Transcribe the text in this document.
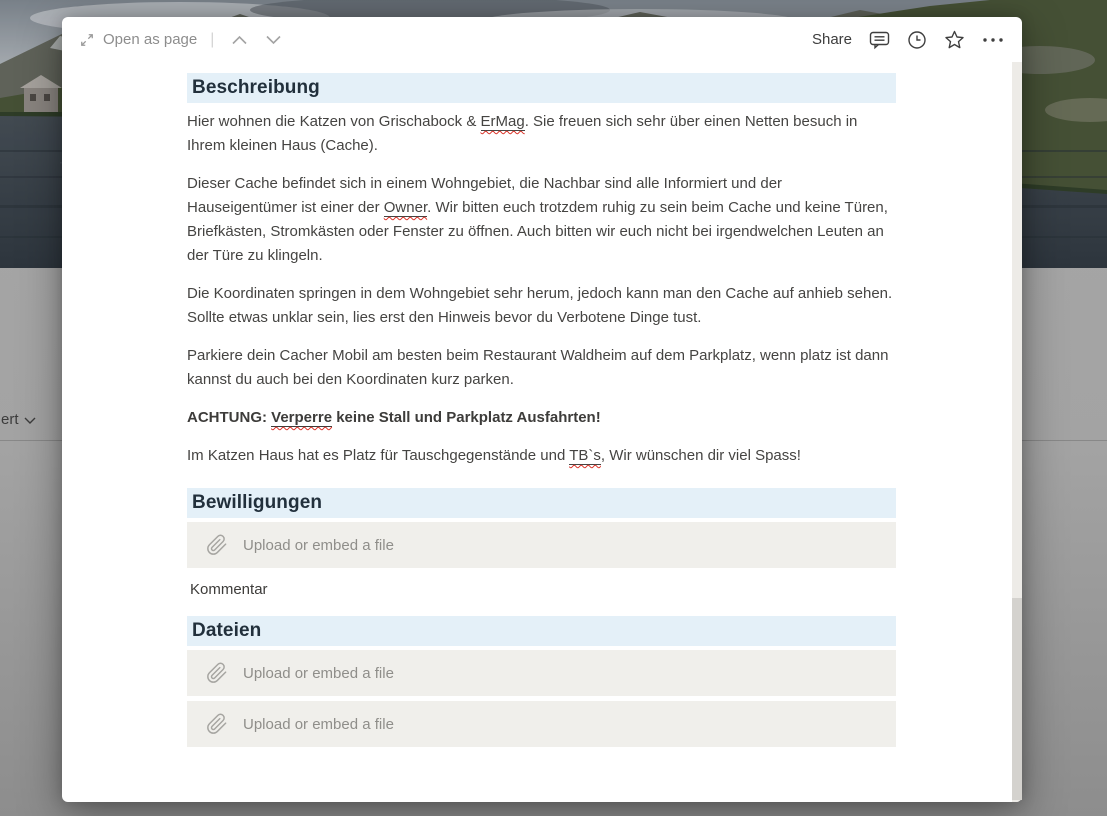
ert
Open as page |	Share
Beschreibung

Hier wohnen die Katzen von Grischabock & ErMag. Sie freuen sich sehr über einen Netten besuch in Ihrem kleinen Haus (Cache).

Dieser Cache befindet sich in einem Wohngebiet, die Nachbar sind alle Informiert und der Hauseigentümer ist einer der Owner. Wir bitten euch trotzdem ruhig zu sein beim Cache und keine Türen, Briefkästen, Stromkästen oder Fenster zu öffnen. Auch bitten wir euch nicht bei irgendwelchen Leuten an der Türe zu klingeln.

Die Koordinaten springen in dem Wohngebiet sehr herum, jedoch kann man den Cache auf anhieb sehen. Sollte etwas unklar sein, lies erst den Hinweis bevor du Verbotene Dinge tust.

Parkiere dein Cacher Mobil am besten beim Restaurant Waldheim auf dem Parkplatz, wenn platz ist dann kannst du auch bei den Koordinaten kurz parken.

ACHTUNG: Verperre keine Stall und Parkplatz Ausfahrten!

Im Katzen Haus hat es Platz für Tauschgegenstände und TB`s, Wir wünschen dir viel Spass!

Bewilligungen
Upload or embed a file
Kommentar
Dateien
Upload or embed a file
Upload or embed a file
